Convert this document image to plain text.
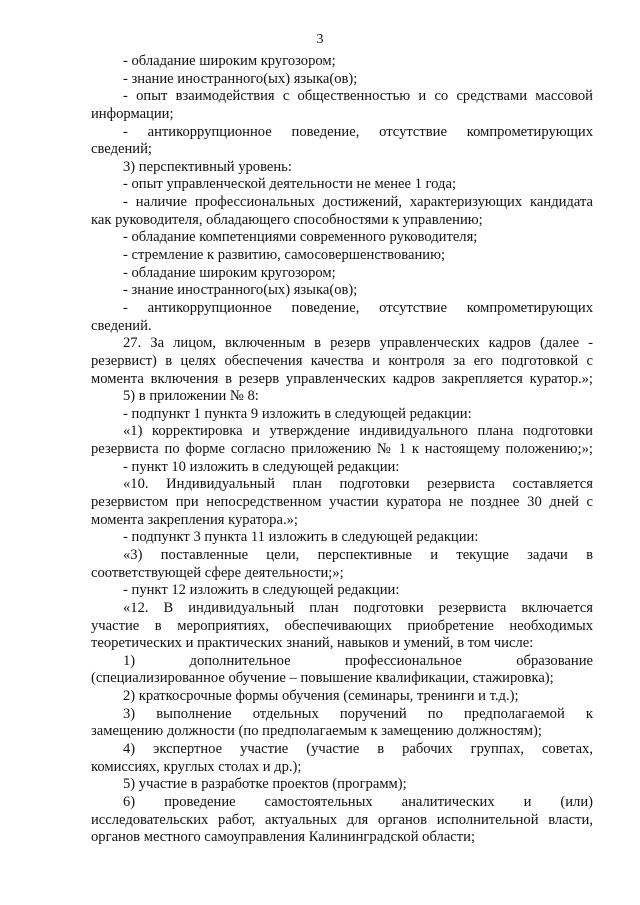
3
- обладание широким кругозором;
- знание иностранного(ых) языка(ов);
- опыт взаимодействия с общественностью и со средствами массовой
информации;
- антикоррупционное поведение, отсутствие компрометирующих
сведений;
3) перспективный уровень:
- опыт управленческой деятельности не менее 1 года;
- наличие профессиональных достижений, характеризующих кандидата
как руководителя, обладающего способностями к управлению;
- обладание компетенциями современного руководителя;
- стремление к развитию, самосовершенствованию;
- обладание широким кругозором;
- знание иностранного(ых) языка(ов);
- антикоррупционное поведение, отсутствие компрометирующих
сведений.
27. За лицом, включенным в резерв управленческих кадров (далее -
резервист) в целях обеспечения качества и контроля за его подготовкой с
момента включения в резерв управленческих кадров закрепляется куратор.»;
5) в приложении № 8:
- подпункт 1 пункта 9 изложить в следующей редакции:
«1) корректировка и утверждение индивидуального плана подготовки
резервиста по форме согласно приложению № 1 к настоящему положению;»;
- пункт 10 изложить в следующей редакции:
«10. Индивидуальный план подготовки резервиста составляется
резервистом при непосредственном участии куратора не позднее 30 дней с
момента закрепления куратора.»;
- подпункт 3 пункта 11 изложить в следующей редакции:
«3) поставленные цели, перспективные и текущие задачи в
соответствующей сфере деятельности;»;
- пункт 12 изложить в следующей редакции:
«12. В индивидуальный план подготовки резервиста включается
участие в мероприятиях, обеспечивающих приобретение необходимых
теоретических и практических знаний, навыков и умений, в том числе:
1) дополнительное профессиональное образование
(специализированное обучение – повышение квалификации, стажировка);
2) краткосрочные формы обучения (семинары, тренинги и т.д.);
3) выполнение отдельных поручений по предполагаемой к
замещению должности (по предполагаемым к замещению должностям);
4) экспертное участие (участие в рабочих группах, советах,
комиссиях, круглых столах и др.);
5) участие в разработке проектов (программ);
6) проведение самостоятельных аналитических и (или)
исследовательских работ, актуальных для органов исполнительной власти,
органов местного самоуправления Калининградской области;
